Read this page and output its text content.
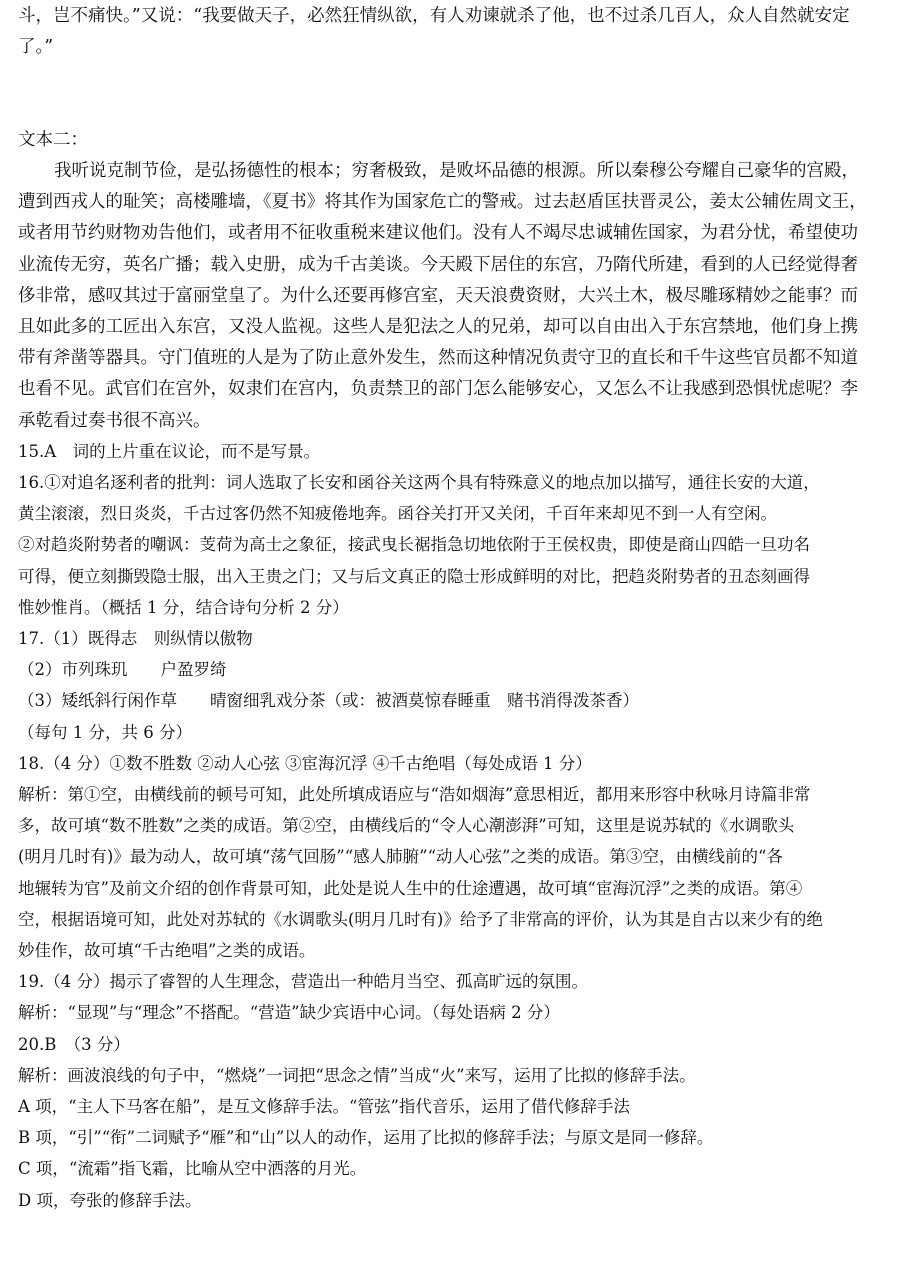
斗，岂不痛快。”又说：“我要做天子，必然狂情纵欲，有人劝谏就杀了他，也不过杀几百人，众人自然就安定
了。”
文本二：
我听说克制节俭，是弘扬德性的根本；穷奢极致，是败坏品德的根源。所以秦穆公夸耀自己豪华的宫殿，
遭到西戎人的耻笑；高楼雕墙，《夏书》将其作为国家危亡的警戒。过去赵盾匡扶晋灵公，姜太公辅佐周文王，
或者用节约财物劝告他们，或者用不征收重税来建议他们。没有人不竭尽忠诚辅佐国家，为君分忧，希望使功
业流传无穷，英名广播；载入史册，成为千古美谈。今天殿下居住的东宫，乃隋代所建，看到的人已经觉得奢
侈非常，感叹其过于富丽堂皇了。为什么还要再修宫室，天天浪费资财，大兴土木，极尽雕琢精妙之能事？而
且如此多的工匠出入东宫，又没人监视。这些人是犯法之人的兄弟，却可以自由出入于东宫禁地，他们身上携
带有斧凿等器具。守门值班的人是为了防止意外发生，然而这种情况负责守卫的直长和千牛这些官员都不知道
也看不见。武官们在宫外，奴隶们在宫内，负责禁卫的部门怎么能够安心，又怎么不让我感到恐惧忧虑呢？李
承乾看过奏书很不高兴。
15.A　词的上片重在议论，而不是写景。
16.①对追名逐利者的批判：词人选取了长安和函谷关这两个具有特殊意义的地点加以描写，通往长安的大道，
黄尘滚滚，烈日炎炎，千古过客仍然不知疲倦地奔。函谷关打开又关闭，千百年来却见不到一人有空闲。
②对趋炎附势者的嘲讽：芰荷为高士之象征，接武曳长裾指急切地依附于王侯权贵，即使是商山四皓一旦功名
可得，便立刻撕毁隐士服，出入王贵之门；又与后文真正的隐士形成鲜明的对比，把趋炎附势者的丑态刻画得
惟妙惟肖。（概括 1 分，结合诗句分析 2 分）
17.（1）既得志　则纵情以傲物
（2）市列珠玑　　户盈罗绮
（3）矮纸斜行闲作草　　晴窗细乳戏分茶（或：被酒莫惊春睡重　赌书消得泼茶香）
（每句 1 分，共 6 分）
18.（4 分）①数不胜数 ②动人心弦 ③宦海沉浮 ④千古绝唱（每处成语 1 分）
解析：第①空，由横线前的顿号可知，此处所填成语应与“浩如烟海”意思相近，都用来形容中秋咏月诗篇非常
多，故可填“数不胜数”之类的成语。第②空，由横线后的“令人心潮澎湃”可知，这里是说苏轼的《水调歌头
(明月几时有)》最为动人，故可填“荡气回肠”“感人肺腑”“动人心弦”之类的成语。第③空，由横线前的“各
地辗转为官”及前文介绍的创作背景可知，此处是说人生中的仕途遭遇，故可填“宦海沉浮”之类的成语。第④
空，根据语境可知，此处对苏轼的《水调歌头(明月几时有)》给予了非常高的评价，认为其是自古以来少有的绝
妙佳作，故可填“千古绝唱”之类的成语。
19.（4 分）揭示了睿智的人生理念，营造出一种皓月当空、孤高旷远的氛围。
解析：“显现”与“理念”不搭配。“营造”缺少宾语中心词。（每处语病 2 分）
20.B　（3 分）
解析：画波浪线的句子中，“燃烧”一词把“思念之情”当成“火”来写，运用了比拟的修辞手法。
A 项，“主人下马客在船”，是互文修辞手法。“管弦”指代音乐，运用了借代修辞手法
B 项，“引”“衔”二词赋予“雁”和“山”以人的动作，运用了比拟的修辞手法；与原文是同一修辞。
C 项，“流霜”指飞霜，比喻从空中洒落的月光。
D 项，夸张的修辞手法。
